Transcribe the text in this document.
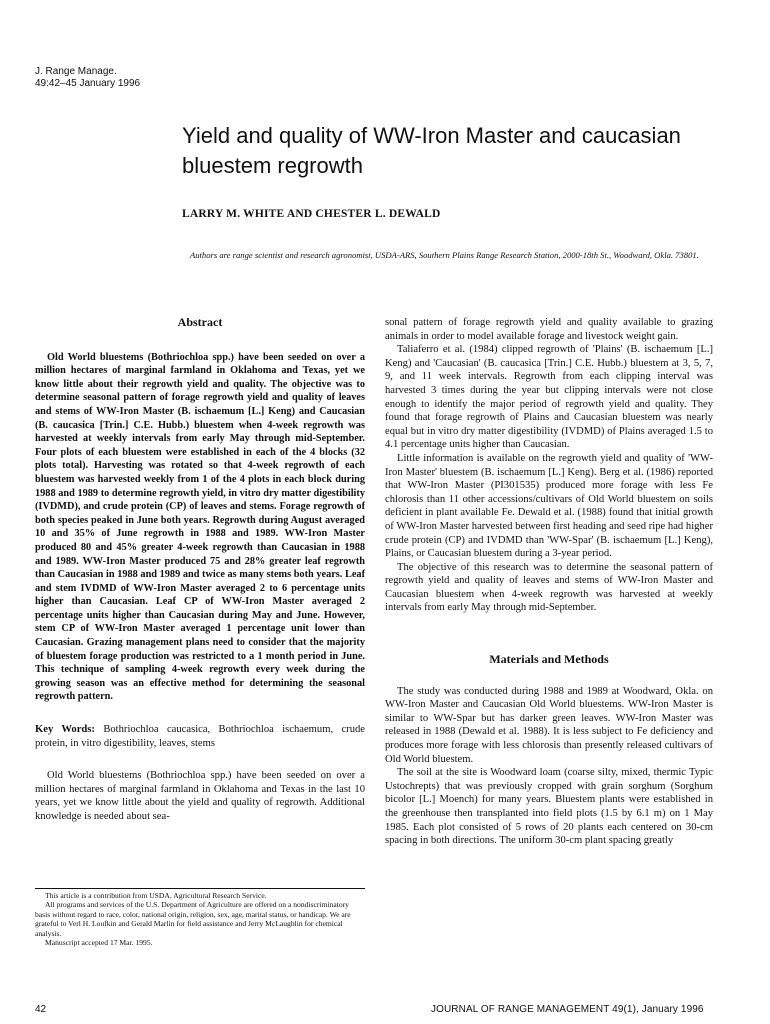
J. Range Manage.
49:42–45 January 1996
Yield and quality of WW-Iron Master and caucasian bluestem regrowth
LARRY M. WHITE AND CHESTER L. DEWALD
Authors are range scientist and research agronomist, USDA-ARS, Southern Plains Range Research Station, 2000-18th St., Woodward, Okla. 73801.
Abstract

Old World bluestems (Bothriochloa spp.) have been seeded on over a million hectares of marginal farmland in Oklahoma and Texas, yet we know little about their regrowth yield and quality. The objective was to determine seasonal pattern of forage regrowth yield and quality of leaves and stems of WW-Iron Master (B. ischaemum [L.] Keng) and Caucasian (B. caucasica [Trin.] C.E. Hubb.) bluestem when 4-week regrowth was harvested at weekly intervals from early May through mid-September. Four plots of each bluestem were established in each of the 4 blocks (32 plots total). Harvesting was rotated so that 4-week regrowth of each bluestem was harvested weekly from 1 of the 4 plots in each block during 1988 and 1989 to determine regrowth yield, in vitro dry matter digestibility (IVDMD), and crude protein (CP) of leaves and stems. Forage regrowth of both species peaked in June both years. Regrowth during August averaged 10 and 35% of June regrowth in 1988 and 1989. WW-Iron Master produced 80 and 45% greater 4-week regrowth than Caucasian in 1988 and 1989. WW-Iron Master produced 75 and 28% greater leaf regrowth than Caucasian in 1988 and 1989 and twice as many stems both years. Leaf and stem IVDMD of WW-Iron Master averaged 2 to 6 percentage units higher than Caucasian. Leaf CP of WW-Iron Master averaged 2 percentage units higher than Caucasian during May and June. However, stem CP of WW-Iron Master averaged 1 percentage unit lower than Caucasian. Grazing management plans need to consider that the majority of bluestem forage production was restricted to a 1 month period in June. This technique of sampling 4-week regrowth every week during the growing season was an effective method for determining the seasonal regrowth pattern.

Key Words: Bothriochloa caucasica, Bothriochloa ischaemum, crude protein, in vitro digestibility, leaves, stems

Old World bluestems (Bothriochloa spp.) have been seeded on over a million hectares of marginal farmland in Oklahoma and Texas in the last 10 years, yet we know little about the yield and quality of regrowth. Additional knowledge is needed about sea-

This article is a contribution from USDA, Agricultural Research Service.

All programs and services of the U.S. Department of Agriculture are offered on a nondiscriminatory basis without regard to race, color, national origin, religion, sex, age, marital status, or handicap. We are grateful to Verl H. Loufkin and Gerald Marlin for field assistance and Jerry McLaughlin for chemical analysis.

Manuscript accepted 17 Mar. 1995.

sonal pattern of forage regrowth yield and quality available to grazing animals in order to model available forage and livestock weight gain.

Taliaferro et al. (1984) clipped regrowth of 'Plains' (B. ischaemum [L.] Keng) and 'Caucasian' (B. caucasica [Trin.] C.E. Hubb.) bluestem at 3, 5, 7, 9, and 11 week intervals. Regrowth from each clipping interval was harvested 3 times during the year but clipping intervals were not close enough to identify the major period of regrowth yield and quality. They found that forage regrowth of Plains and Caucasian bluestem was nearly equal but in vitro dry matter digestibility (IVDMD) of Plains averaged 1.5 to 4.1 percentage units higher than Caucasian.

Little information is available on the regrowth yield and quality of 'WW-Iron Master' bluestem (B. ischaemum [L.] Keng). Berg et al. (1986) reported that WW-Iron Master (PI301535) produced more forage with less Fe chlorosis than 11 other accessions/cultivars of Old World bluestem on soils deficient in plant available Fe. Dewald et al. (1988) found that initial growth of WW-Iron Master harvested between first heading and seed ripe had higher crude protein (CP) and IVDMD than 'WW-Spar' (B. ischaemum [L.] Keng), Plains, or Caucasian bluestem during a 3-year period.

The objective of this research was to determine the seasonal pattern of regrowth yield and quality of leaves and stems of WW-Iron Master and Caucasian bluestem when 4-week regrowth was harvested at weekly intervals from early May through mid-September.

Materials and Methods

The study was conducted during 1988 and 1989 at Woodward, Okla. on WW-Iron Master and Caucasian Old World bluestems. WW-Iron Master is similar to WW-Spar but has darker green leaves. WW-Iron Master was released in 1988 (Dewald et al. 1988). It is less subject to Fe deficiency and produces more forage with less chlorosis than presently released cultivars of Old World bluestem.

The soil at the site is Woodward loam (coarse silty, mixed, thermic Typic Ustochrepts) that was previously cropped with grain sorghum (Sorghum bicolor [L.] Moench) for many years. Bluestem plants were established in the greenhouse then transplanted into field plots (1.5 by 6.1 m) on 1 May 1985. Each plot consisted of 5 rows of 20 plants each centered on 30-cm spacing in both directions. The uniform 30-cm plant spacing greatly

42	JOURNAL OF RANGE MANAGEMENT 49(1), January 1996
